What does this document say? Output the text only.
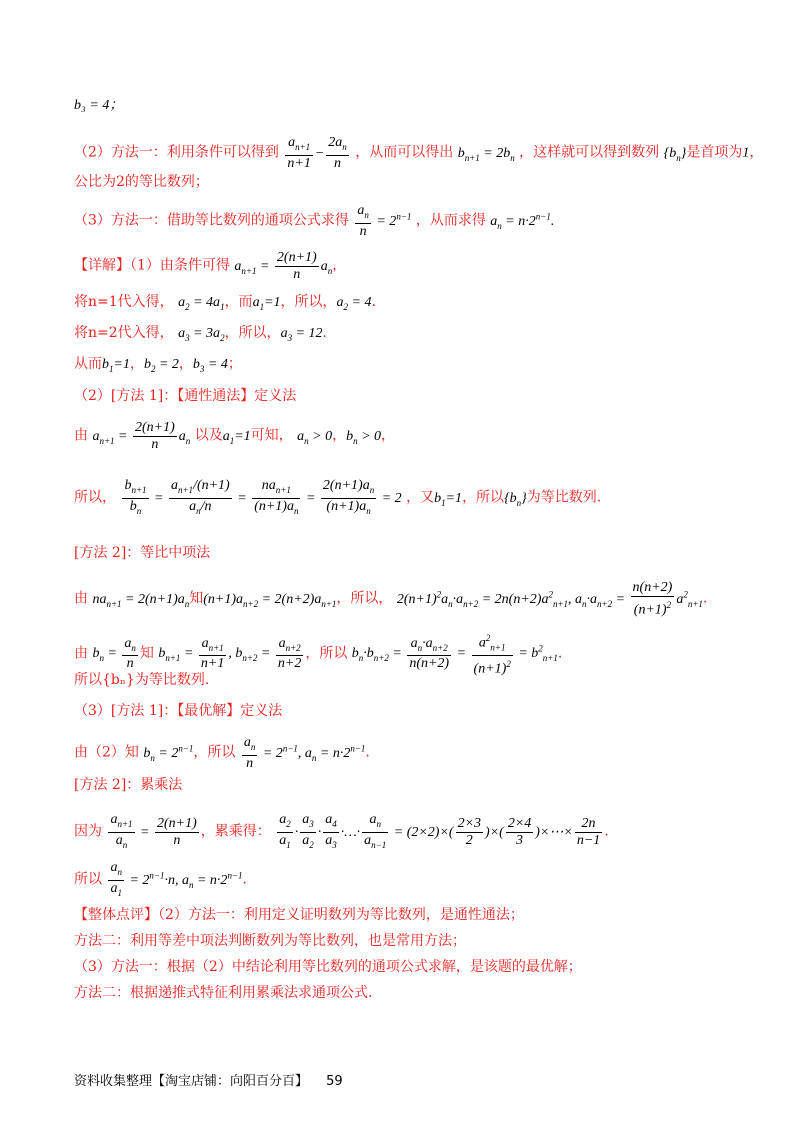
b₃ = 4；
（2）方法一：利用条件可以得到 $\frac{a_{n+1}}{n+1} - \frac{2a_n}{n}$ ，从而可以得出 $b_{n+1} = 2b_n$ ，这样就可以得到数列 $\{b_n\}$是首项为1，
公比为2的等比数列；
（3）方法一：借助等比数列的通项公式求得 $\frac{a_n}{n} = 2^{n-1}$ ，从而求得 $a_n = n\cdot 2^{n-1}$.
【详解】（1）由条件可得 $a_{n+1} = \frac{2(n+1)}{n} a_n$，
将n=1代入得， $a_2 = 4a_1$，而$a_1=1$，所以，$a_2 = 4$.
将n=2代入得， $a_3 = 3a_2$，所以，$a_3 = 12$.
从而$b_1=1$，$b_2 = 2$，$b_3 = 4$；
（2）[方法 1]：【通性通法】定义法
由 $a_{n+1} = \frac{2(n+1)}{n} a_n$ 以及$a_1=1$可知， $a_n > 0$，$b_n > 0$，
所以， $\frac{b_{n+1}}{b_n} = \frac{a_{n+1}/(n+1)}{a_n/n} = \frac{na_{n+1}}{(n+1)a_n} = \frac{2(n+1)a_n}{(n+1)a_n} = 2$ ，又$b_1=1$，所以$\{b_n\}$为等比数列.
[方法 2]：等比中项法
由 $na_{n+1} = 2(n+1)a_n$知$(n+1)a_{n+2} = 2(n+2)a_{n+1}$，所以， $2(n+1)^2a_n\cdot a_{n+2} = 2n(n+2)a^2_{n+1}$, $a_n\cdot a_{n+2} = \frac{n(n+2)}{(n+1)^2} a^2_{n+1}$.
由 $b_n = \frac{a_n}{n}$ 知 $b_{n+1} = \frac{a_{n+1}}{n+1}$ , $b_{n+2} = \frac{a_{n+2}}{n+2}$ ，所以 $b_n\cdot b_{n+2} = \frac{a_n\cdot a_{n+2}}{n(n+2)} = \frac{a^2_{n+1}}{(n+1)^2} = b^2_{n+1}$.
所以{bₙ}为等比数列.
（3）[方法 1]：【最优解】定义法
由（2）知 $b_n = 2^{n-1}$，所以 $\frac{a_n}{n} = 2^{n-1}$, $a_n = n\cdot 2^{n-1}$.
[方法 2]：累乘法
因为 $\frac{a_{n+1}}{a_n} = \frac{2(n+1)}{n}$ ，累乘得： $\frac{a_2}{a_1} \cdot \frac{a_3}{a_2} \cdot \frac{a_4}{a_3}$ ·…· $\frac{a_n}{a_{n-1}} = (2\times 2)\times( \frac{2\times 3}{2}$ )×( $\frac{2\times 4}{3}$ )×⋯× $\frac{2n}{n-1}$ .
所以 $\frac{a_n}{a_1} = 2^{n-1}\cdot n$, $a_n = n\cdot 2^{n-1}$.
【整体点评】（2）方法一：利用定义证明数列为等比数列，是通性通法；
方法二：利用等差中项法判断数列为等比数列，也是常用方法；
（3）方法一：根据（2）中结论利用等比数列的通项公式求解，是该题的最优解；
方法二：根据递推式特征利用累乘法求通项公式.
资料收集整理【淘宝店铺：向阳百分百】 59
